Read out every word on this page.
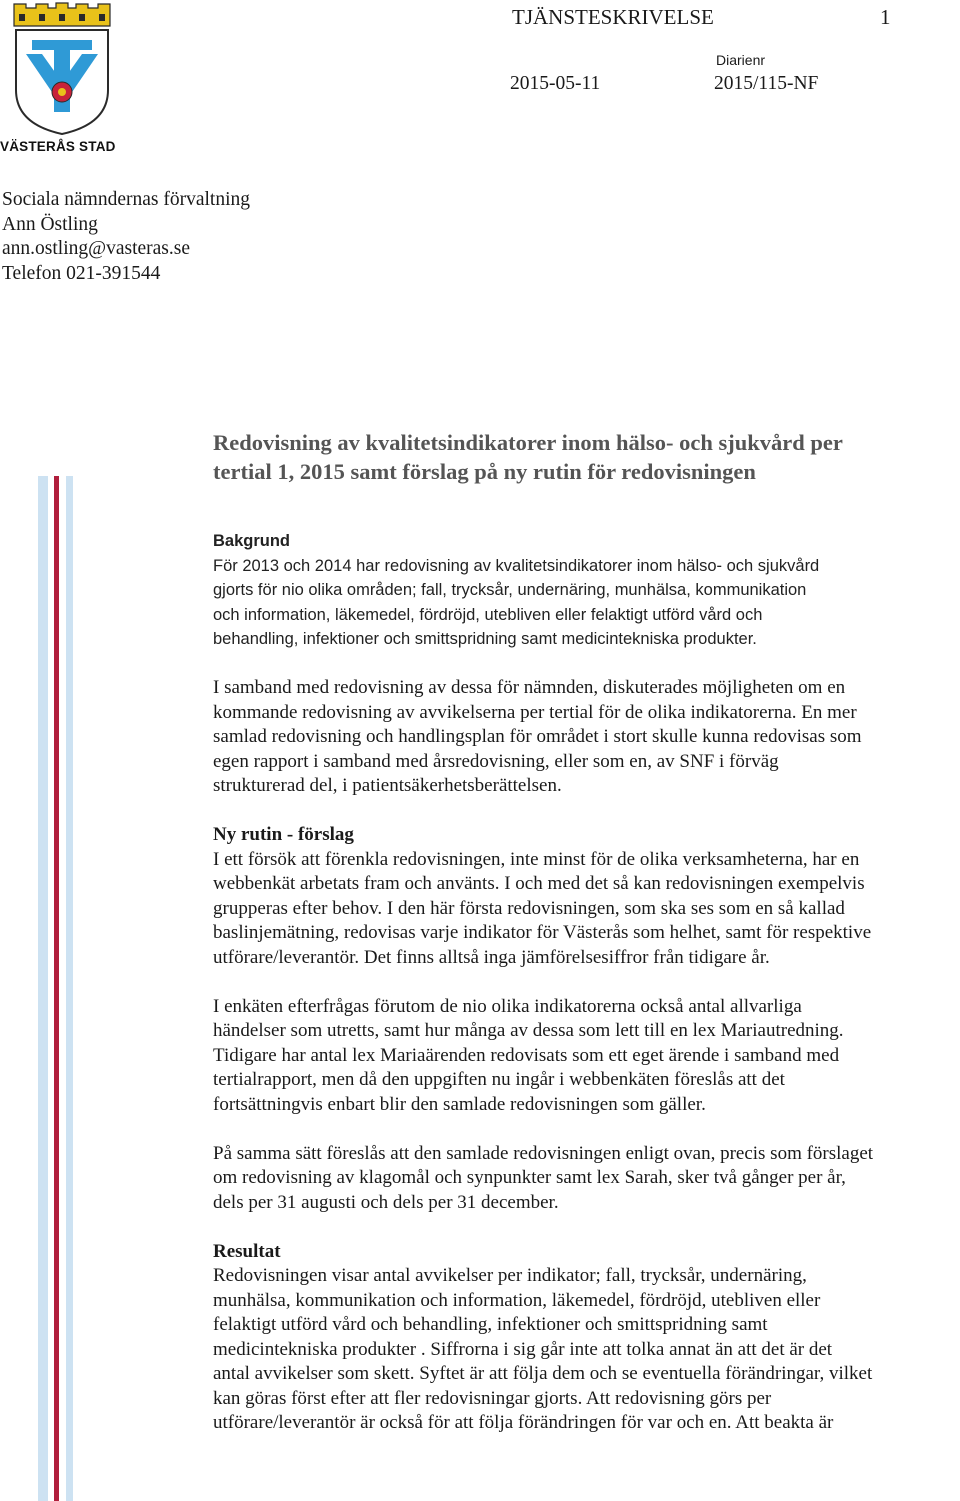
VÄSTERÅS STAD
TJÄNSTESKRIVELSE	1
Diarienr
2015-05-11	2015/115-NF
Sociala nämndernas förvaltning
Ann Östling
ann.ostling@vasteras.se
Telefon 021-391544
Redovisning av kvalitetsindikatorer inom hälso- och sjukvård per
tertial 1, 2015 samt förslag på ny rutin för redovisningen
Bakgrund
För 2013 och 2014 har redovisning av kvalitetsindikatorer inom hälso- och sjukvård
gjorts för nio olika områden; fall, trycksår, undernäring, munhälsa, kommunikation
och information, läkemedel, fördröjd, utebliven eller felaktigt utförd vård och
behandling, infektioner och smittspridning samt medicintekniska produkter.
I samband med redovisning av dessa för nämnden, diskuterades möjligheten om en
kommande redovisning av avvikelserna per tertial för de olika indikatorerna. En mer
samlad redovisning och handlingsplan för området i stort skulle kunna redovisas som
egen rapport i samband med årsredovisning, eller som en, av SNF i förväg
strukturerad del, i patientsäkerhetsberättelsen.
Ny rutin - förslag
I ett försök att förenkla redovisningen, inte minst för de olika verksamheterna, har en
webbenkät arbetats fram och använts. I och med det så kan redovisningen exempelvis
grupperas efter behov. I den här första redovisningen, som ska ses som en så kallad
baslinjemätning, redovisas varje indikator för Västerås som helhet, samt för respektive
utförare/leverantör. Det finns alltså inga jämförelsesiffror från tidigare år.
I enkäten efterfrågas förutom de nio olika indikatorerna också antal allvarliga
händelser som utretts, samt hur många av dessa som lett till en lex Mariautredning.
Tidigare har antal lex Mariaärenden redovisats som ett eget ärende i samband med
tertialrapport, men då den uppgiften nu ingår i webbenkäten föreslås att det
fortsättningvis enbart blir den samlade redovisningen som gäller.
På samma sätt föreslås att den samlade redovisningen enligt ovan, precis som förslaget
om redovisning av klagomål och synpunkter samt lex Sarah, sker två gånger per år,
dels per 31 augusti och dels per 31 december.
Resultat
Redovisningen visar antal avvikelser per indikator; fall, trycksår, undernäring,
munhälsa, kommunikation och information, läkemedel, fördröjd, utebliven eller
felaktigt utförd vård och behandling, infektioner och smittspridning samt
medicintekniska produkter . Siffrorna i sig går inte att tolka annat än att det är det
antal avvikelser som skett. Syftet är att följa dem och se eventuella förändringar, vilket
kan göras först efter att fler redovisningar gjorts. Att redovisning görs per
utförare/leverantör är också för att följa förändringen för var och en. Att beakta är
